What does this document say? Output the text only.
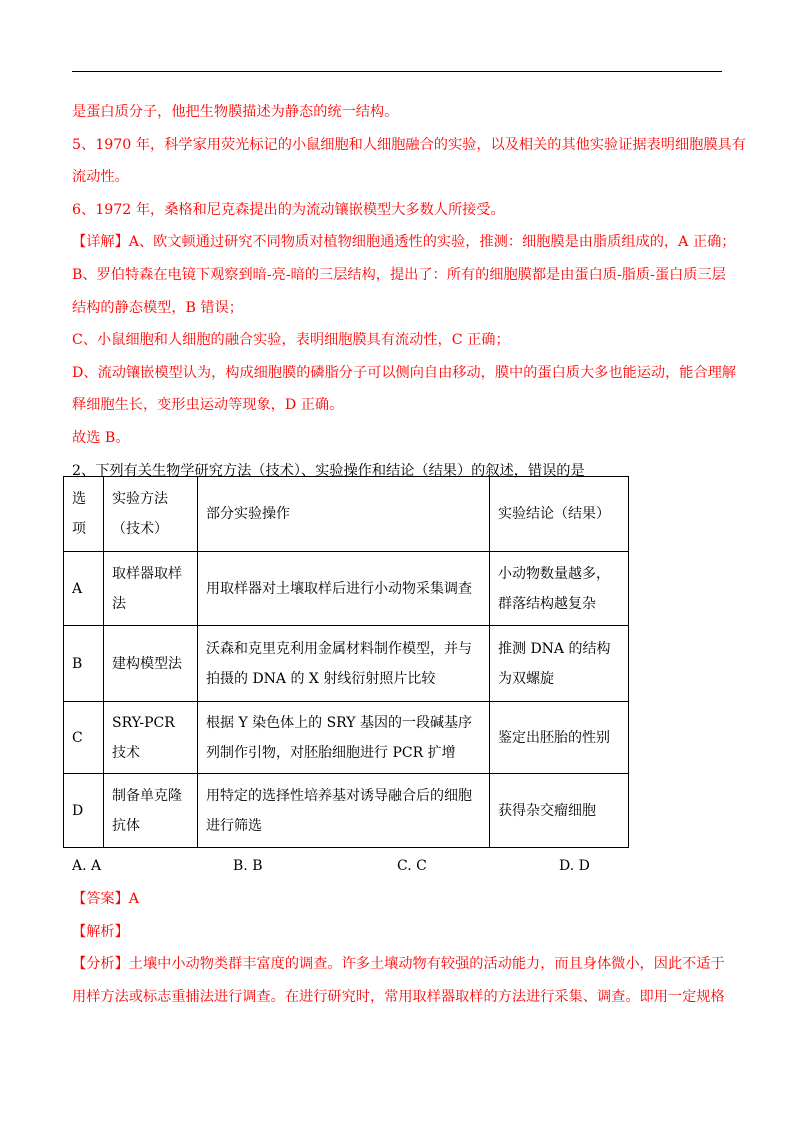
是蛋白质分子，他把生物膜描述为静态的统一结构。
5、1970 年，科学家用荧光标记的小鼠细胞和人细胞融合的实验，以及相关的其他实验证据表明细胞膜具有
流动性。
6、1972 年，桑格和尼克森提出的为流动镶嵌模型大多数人所接受。
【详解】A、欧文顿通过研究不同物质对植物细胞通透性的实验，推测：细胞膜是由脂质组成的，A 正确；
B、罗伯特森在电镜下观察到暗-亮-暗的三层结构，提出了：所有的细胞膜都是由蛋白质-脂质-蛋白质三层
结构的静态模型，B 错误；
C、小鼠细胞和人细胞的融合实验，表明细胞膜具有流动性，C 正确；
D、流动镶嵌模型认为，构成细胞膜的磷脂分子可以侧向自由移动，膜中的蛋白质大多也能运动，能合理解
释细胞生长，变形虫运动等现象，D 正确。
故选 B。
2、下列有关生物学研究方法（技术）、实验操作和结论（结果）的叙述，错误的是
选项	实验方法（技术）	部分实验操作	实验结论（结果）
A	取样器取样法	用取样器对土壤取样后进行小动物采集调查	小动物数量越多，群落结构越复杂
B	建构模型法	沃森和克里克利用金属材料制作模型，并与拍摄的 DNA 的 X 射线衍射照片比较	推测 DNA 的结构为双螺旋
C	SRY-PCR 技术	根据 Y 染色体上的 SRY 基因的一段碱基序列制作引物，对胚胎细胞进行 PCR 扩增	鉴定出胚胎的性别
D	制备单克隆抗体	用特定的选择性培养基对诱导融合后的细胞进行筛选	获得杂交瘤细胞
A. A	B. B	C. C	D. D
【答案】A
【解析】
【分析】土壤中小动物类群丰富度的调查。许多土壤动物有较强的活动能力，而且身体微小，因此不适于
用样方法或标志重捕法进行调查。在进行研究时，常用取样器取样的方法进行采集、调查。即用一定规格
